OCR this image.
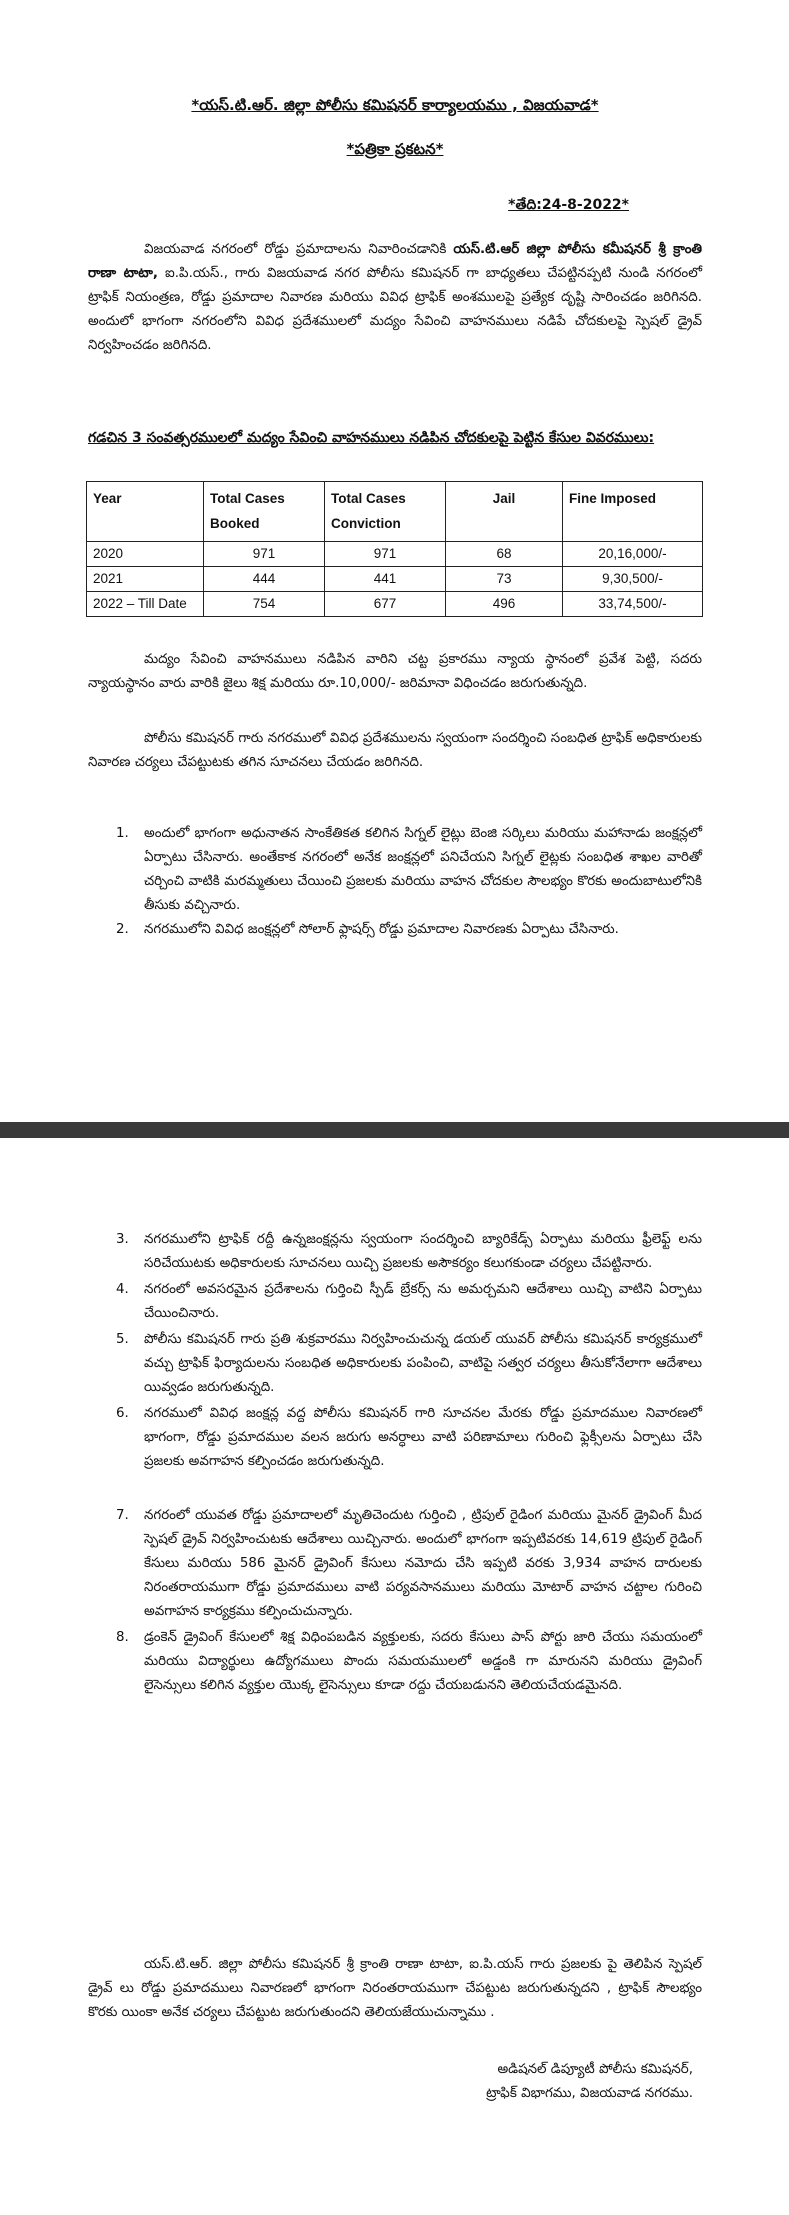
*యస్.టి.ఆర్. జిల్లా పోలీసు కమిషనర్ కార్యాలయము , విజయవాడ*
*పత్రికా ప్రకటన*
*తేది:24-8-2022*

విజయవాడ నగరంలో రోడ్డు ప్రమాదాలను నివారించడానికి యస్.టి.ఆర్ జిల్లా పోలీసు కమీషనర్ శ్రీ క్రాంతి రాణా టాటా, ఐ.పి.యస్., గారు విజయవాడ నగర పోలీసు కమిషనర్ గా బాధ్యతలు చేపట్టినప్పటి నుండి నగరంలో ట్రాఫిక్ నియంత్రణ, రోడ్డు ప్రమాదాల నివారణ మరియు వివిధ ట్రాఫిక్ అంశములపై ప్రత్యేక దృష్టి సారించడం జరిగినది. అందులో భాగంగా నగరంలోని వివిధ ప్రదేశములలో మద్యం సేవించి వాహనములు నడిపే చోదకులపై స్పెషల్ డ్రైవ్ నిర్వహించడం జరిగినది.

గడచిన 3 సంవత్సరములలో మద్యం సేవించి వాహనములు నడిపిన చోదకులపై పెట్టిన కేసుల వివరములు:
Year	Total Cases Booked	Total Cases Conviction	Jail	Fine Imposed
2020	971	971	68	20,16,000/-
2021	444	441	73	9,30,500/-
2022 – Till Date	754	677	496	33,74,500/-

మద్యం సేవించి వాహనములు నడిపిన వారిని చట్ట ప్రకారము న్యాయ స్థానంలో ప్రవేశ పెట్టి, సదరు న్యాయస్థానం వారు వారికి జైలు శిక్ష మరియు రూ.10,000/- జరిమానా విధించడం జరుగుతున్నది.

పోలీసు కమిషనర్ గారు నగరములో వివిధ ప్రదేశములను స్వయంగా సందర్శించి సంబధిత ట్రాఫిక్ అధికారులకు నివారణ చర్యలు చేపట్టుటకు తగిన సూచనలు చేయడం జరిగినది.

1. అందులో భాగంగా అధునాతన సాంకేతికత కలిగిన సిగ్నల్ లైట్లు బెంజి సర్కిలు మరియు మహానాడు జంక్షన్లలో ఏర్పాటు చేసినారు. అంతేకాక నగరంలో అనేక జంక్షన్లలో పనిచేయని సిగ్నల్ లైట్లకు సంబధిత శాఖల వారితో చర్చించి వాటికి మరమ్మతులు చేయించి ప్రజలకు మరియు వాహన చోదకుల సౌలభ్యం కొరకు అందుబాటులోనికి తీసుకు వచ్చినారు.
2. నగరములోని వివిధ జంక్షన్లలో సోలార్ ఫ్లాషర్స్ రోడ్డు ప్రమాదాల నివారణకు ఏర్పాటు చేసినారు.
3. నగరములోని ట్రాఫిక్ రద్దీ ఉన్నజంక్షన్లను స్వయంగా సందర్శించి బ్యారికేడ్స్ ఏర్పాటు మరియు ఫ్రీలెఫ్ట్ లను సరిచేయుటకు అధికారులకు సూచనలు యిచ్చి ప్రజలకు అసౌకర్యం కలుగకుండా చర్యలు చేపట్టినారు.
4. నగరంలో అవసరమైన ప్రదేశాలను గుర్తించి స్పీడ్ బ్రేకర్స్ ను అమర్చమని ఆదేశాలు యిచ్చి వాటిని ఏర్పాటు చేయించినారు.
5. పోలీసు కమిషనర్ గారు ప్రతి శుక్రవారము నిర్వహించుచున్న డయల్ యువర్ పోలీసు కమిషనర్ కార్యక్రములో వచ్చు ట్రాఫిక్ ఫిర్యాదులను సంబధిత అధికారులకు పంపించి, వాటిపై సత్వర చర్యలు తీసుకోనేలాగా ఆదేశాలు యివ్వడం జరుగుతున్నది.
6. నగరములో వివిధ జంక్షన్ల వద్ద పోలీసు కమిషనర్ గారి సూచనల మేరకు రోడ్డు ప్రమాదముల నివారణలో భాగంగా, రోడ్డు ప్రమాదముల వలన జరుగు అనర్ధాలు వాటి పరిణామాలు గురించి ఫ్లెక్సీలను ఏర్పాటు చేసి ప్రజలకు అవగాహన కల్పించడం జరుగుతున్నది.
7. నగరంలో యువత రోడ్డు ప్రమాదాలలో మృతిచెందుట గుర్తించి , ట్రిపుల్ రైడింగ మరియు మైనర్ డ్రైవింగ్ మీద స్పెషల్ డ్రైవ్ నిర్వహించుటకు ఆదేశాలు యిచ్చినారు. అందులో భాగంగా ఇప్పటివరకు 14,619 ట్రిపుల్ రైడింగ్ కేసులు మరియు 586 మైనర్ డ్రైవింగ్ కేసులు నమోదు చేసి ఇప్పటి వరకు 3,934 వాహన దారులకు నిరంతరాయముగా రోడ్డు ప్రమాదములు వాటి పర్యవసానములు మరియు మోటార్ వాహన చట్టాల గురించి అవగాహన కార్యక్రము కల్పించుచున్నారు.
8. డ్రంకెన్ డ్రైవింగ్ కేసులలో శిక్ష విధింపబడిన వ్యక్తులకు, సదరు కేసులు పాస్ పోర్టు జారి చేయు సమయంలో మరియు విద్యార్థులు ఉద్యోగములు పొందు సమయములలో అడ్డంకి గా మారునని మరియు డ్రైవింగ్ లైసెన్సులు కలిగిన వ్యక్తుల యొక్క లైసెన్సులు కూడా రద్దు చేయబడునని తెలియచేయడమైనది.

యస్.టి.ఆర్. జిల్లా పోలీసు కమిషనర్ శ్రీ క్రాంతి రాణా టాటా, ఐ.పి.యస్ గారు ప్రజలకు పై తెలిపిన స్పెషల్ డ్రైవ్ లు రోడ్డు ప్రమాదములు నివారణలో భాగంగా నిరంతరాయముగా చేపట్టుట జరుగుతున్నదని , ట్రాఫిక్ సౌలభ్యం కొరకు యింకా అనేక చర్యలు చేపట్టుట జరుగుతుందని తెలియజేయుచున్నాము .

అడిషనల్ డిప్యూటీ పోలీసు కమిషనర్,
ట్రాఫిక్ విభాగము, విజయవాడ నగరము.
